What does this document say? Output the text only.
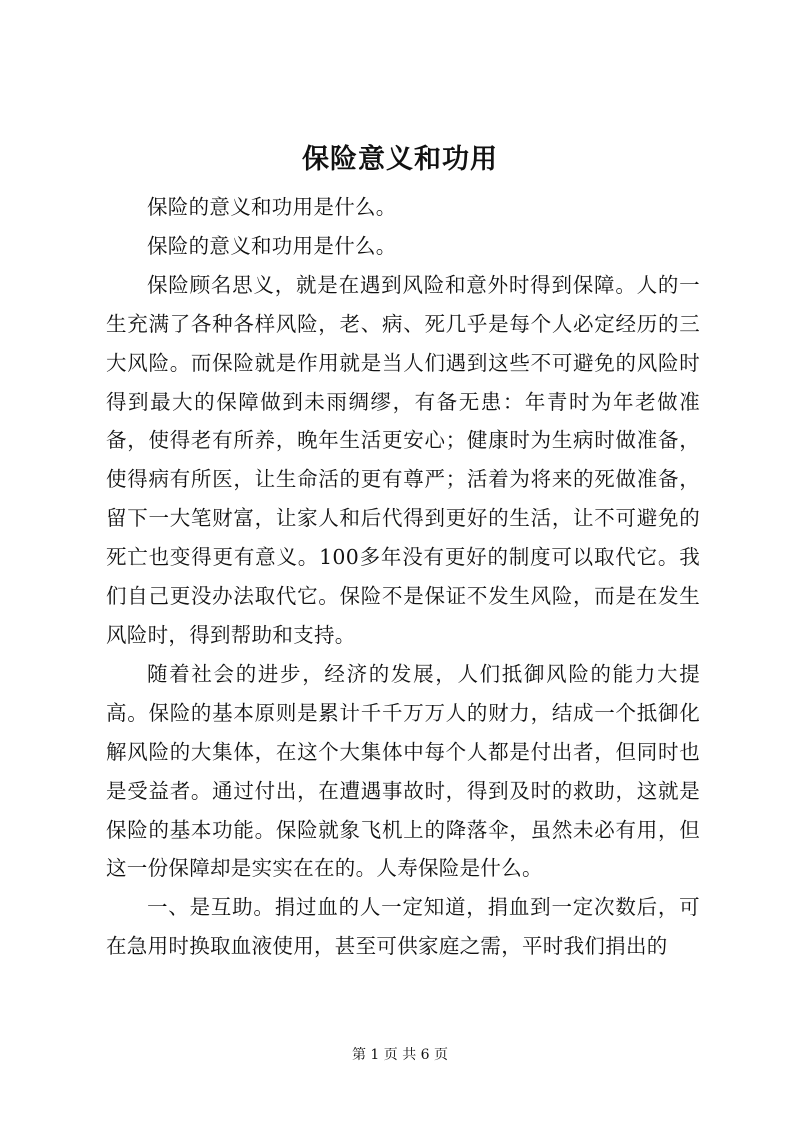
保险意义和功用

保险的意义和功用是什么。

保险的意义和功用是什么。

保险顾名思义，就是在遇到风险和意外时得到保障。人的一生充满了各种各样风险，老、病、死几乎是每个人必定经历的三大风险。而保险就是作用就是当人们遇到这些不可避免的风险时得到最大的保障做到未雨绸缪，有备无患：年青时为年老做准备，使得老有所养，晚年生活更安心；健康时为生病时做准备，使得病有所医，让生命活的更有尊严；活着为将来的死做准备，留下一大笔财富，让家人和后代得到更好的生活，让不可避免的死亡也变得更有意义。100多年没有更好的制度可以取代它。我们自己更没办法取代它。保险不是保证不发生风险，而是在发生风险时，得到帮助和支持。

随着社会的进步，经济的发展，人们抵御风险的能力大提高。保险的基本原则是累计千千万万人的财力，结成一个抵御化解风险的大集体，在这个大集体中每个人都是付出者，但同时也是受益者。通过付出，在遭遇事故时，得到及时的救助，这就是保险的基本功能。保险就象飞机上的降落伞，虽然未必有用，但这一份保障却是实实在在的。人寿保险是什么。

一、是互助。捐过血的人一定知道，捐血到一定次数后，可在急用时换取血液使用，甚至可供家庭之需，平时我们捐出的

第 1 页 共 6 页
